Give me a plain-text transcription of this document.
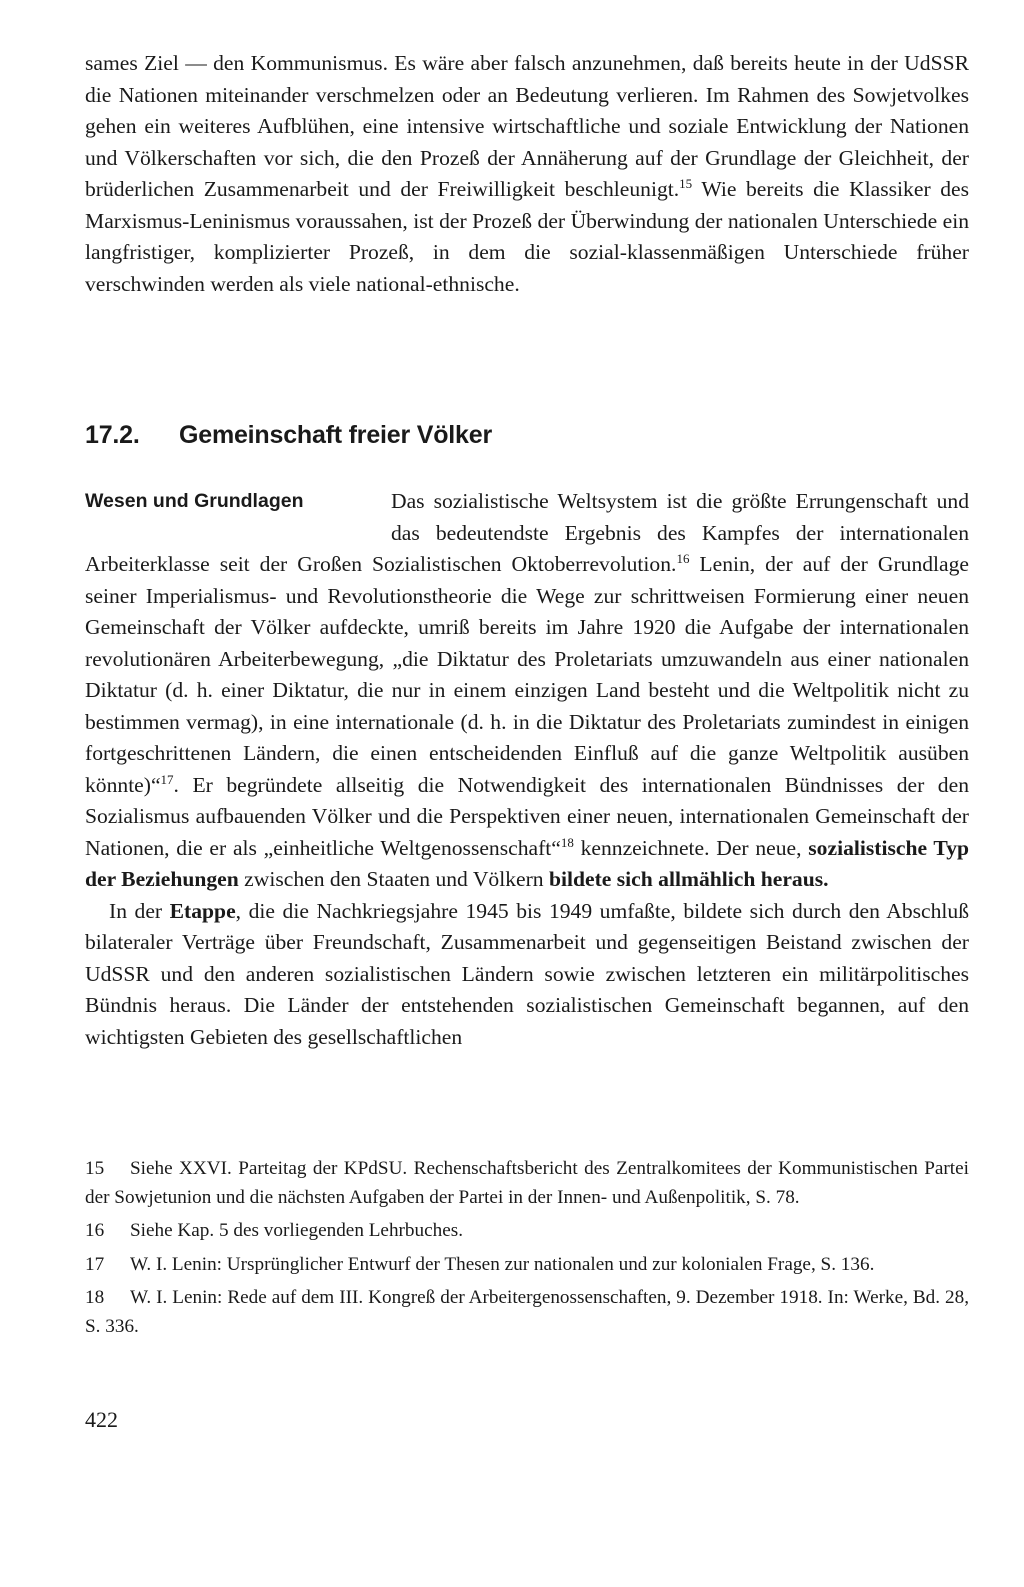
sames Ziel — den Kommunismus. Es wäre aber falsch anzunehmen, daß bereits heute in der UdSSR die Nationen miteinander verschmelzen oder an Bedeutung verlieren. Im Rahmen des Sowjetvolkes gehen ein weiteres Aufblühen, eine intensive wirtschaftliche und soziale Entwicklung der Nationen und Völkerschaften vor sich, die den Prozeß der Annäherung auf der Grundlage der Gleichheit, der brüderlichen Zusammenarbeit und der Freiwilligkeit beschleunigt.$^{15}$ Wie bereits die Klassiker des Marxismus-Leninismus voraussahen, ist der Prozeß der Überwindung der nationalen Unterschiede ein langfristiger, komplizierter Prozeß, in dem die sozial-klassenmäßigen Unterschiede früher verschwinden werden als viele national-ethnische.

17.2. Gemeinschaft freier Völker
Wesen und Grundlagen	Das sozialistische Weltsystem ist die größte Errungenschaft und das bedeutendste Ergebnis des Kampfes der internationalen Arbeiterklasse seit der Großen Sozialistischen Oktoberrevolution.$^{16}$ Lenin, der auf der Grundlage seiner Imperialismus- und Revolutionstheorie die Wege zur schrittweisen Formierung einer neuen Gemeinschaft der Völker aufdeckte, umriß bereits im Jahre 1920 die Aufgabe der internationalen revolutionären Arbeiterbewegung, „die Diktatur des Proletariats umzuwandeln aus einer nationalen Diktatur (d. h. einer Diktatur, die nur in einem einzigen Land besteht und die Weltpolitik nicht zu bestimmen vermag), in eine internationale (d. h. in die Diktatur des Proletariats zumindest in einigen fortgeschrittenen Ländern, die einen entscheidenden Einfluß auf die ganze Weltpolitik ausüben könnte)“$^{17}$. Er begründete allseitig die Notwendigkeit des internationalen Bündnisses der den Sozialismus aufbauenden Völker und die Perspektiven einer neuen, internationalen Gemeinschaft der Nationen, die er als „einheitliche Weltgenossenschaft“$^{18}$ kennzeichnete. Der neue, sozialistische Typ der Beziehungen zwischen den Staaten und Völkern bildete sich allmählich heraus.

In der Etappe, die die Nachkriegsjahre 1945 bis 1949 umfaßte, bildete sich durch den Abschluß bilateraler Verträge über Freundschaft, Zusammenarbeit und gegenseitigen Beistand zwischen der UdSSR und den anderen sozialistischen Ländern sowie zwischen letzteren ein militärpolitisches Bündnis heraus. Die Länder der entstehenden sozialistischen Gemeinschaft begannen, auf den wichtigsten Gebieten des gesellschaftlichen

15 Siehe XXVI. Parteitag der KPdSU. Rechenschaftsbericht des Zentralkomitees der Kommunistischen Partei der Sowjetunion und die nächsten Aufgaben der Partei in der Innen- und Außenpolitik, S. 78.

16 Siehe Kap. 5 des vorliegenden Lehrbuches.

17 W. I. Lenin: Ursprünglicher Entwurf der Thesen zur nationalen und zur kolonialen Frage, S. 136.

18 W. I. Lenin: Rede auf dem III. Kongreß der Arbeitergenossenschaften, 9. Dezember 1918. In: Werke, Bd. 28, S. 336.

422
